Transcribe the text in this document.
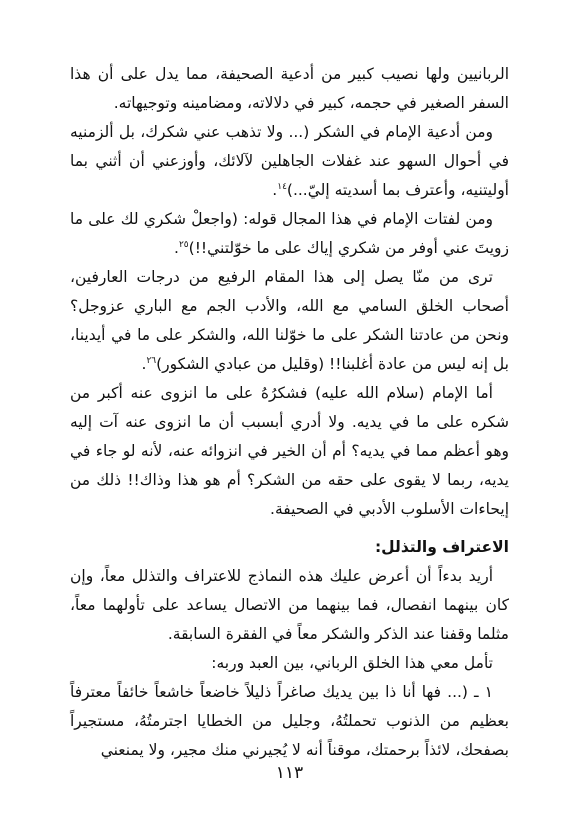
الربانيين ولها نصيب كبير من أدعية الصحيفة، مما يدل على أن هذا السفر الصغير في حجمه، كبير في دلالاته، ومضامينه وتوجيهاته.

ومن أدعية الإمام في الشكر (... ولا تذهب عني شكرك، بل ألزمنيه في أحوال السهو عند غفلات الجاهلين لآلائك، وأوزعني أن أثني بما أوليتنيه، وأعترف بما أسديته إليّ...)$^{١٤}$.

ومن لفتات الإمام في هذا المجال قوله: (واجعلْ شكري لك على ما زويتَ عني أوفر من شكري إياك على ما خوّلتني!!)$^{٢٥}$.

ترى من منّا يصل إلى هذا المقام الرفيع من درجات العارفين، أصحاب الخلق السامي مع الله، والأدب الجم مع الباري عزوجل؟ ونحن من عادتنا الشكر على ما خوّلنا الله، والشكر على ما في أيدينا، بل إنه ليس من عادة أغلبنا!! (وقليل من عبادي الشكور)$^{٢٦}$.

أما الإمام (سلام الله عليه) فشكرُهُ على ما انزوى عنه أكبر من شكره على ما في يديه. ولا أدري أبسبب أن ما انزوى عنه آت إليه وهو أعظم مما في يديه؟ أم أن الخير في انزوائه عنه، لأنه لو جاء في يديه، ربما لا يقوى على حقه من الشكر؟ أم هو هذا وذاك!! ذلك من إيحاءات الأسلوب الأدبي في الصحيفة.

الاعتراف والتذلل:

أريد بدءاً أن أعرض عليك هذه النماذج للاعتراف والتذلل معاً، وإن كان بينهما انفصال، فما بينهما من الاتصال يساعد على تأولهما معاً، مثلما وقفنا عند الذكر والشكر معاً في الفقرة السابقة.

تأمل معي هذا الخلق الرباني، بين العبد وربه:

١ ـ (... فها أنا ذا بين يديك صاغراً ذليلاً خاضعاً خاشعاً خائفاً معترفاً بعظيم من الذنوب تحملتُهُ، وجليل من الخطايا اجترمتُهُ، مستجيراً بصفحك، لائذاً برحمتك، موقناً أنه لا يُجيرني منك مجير، ولا يمنعني

١١٣
